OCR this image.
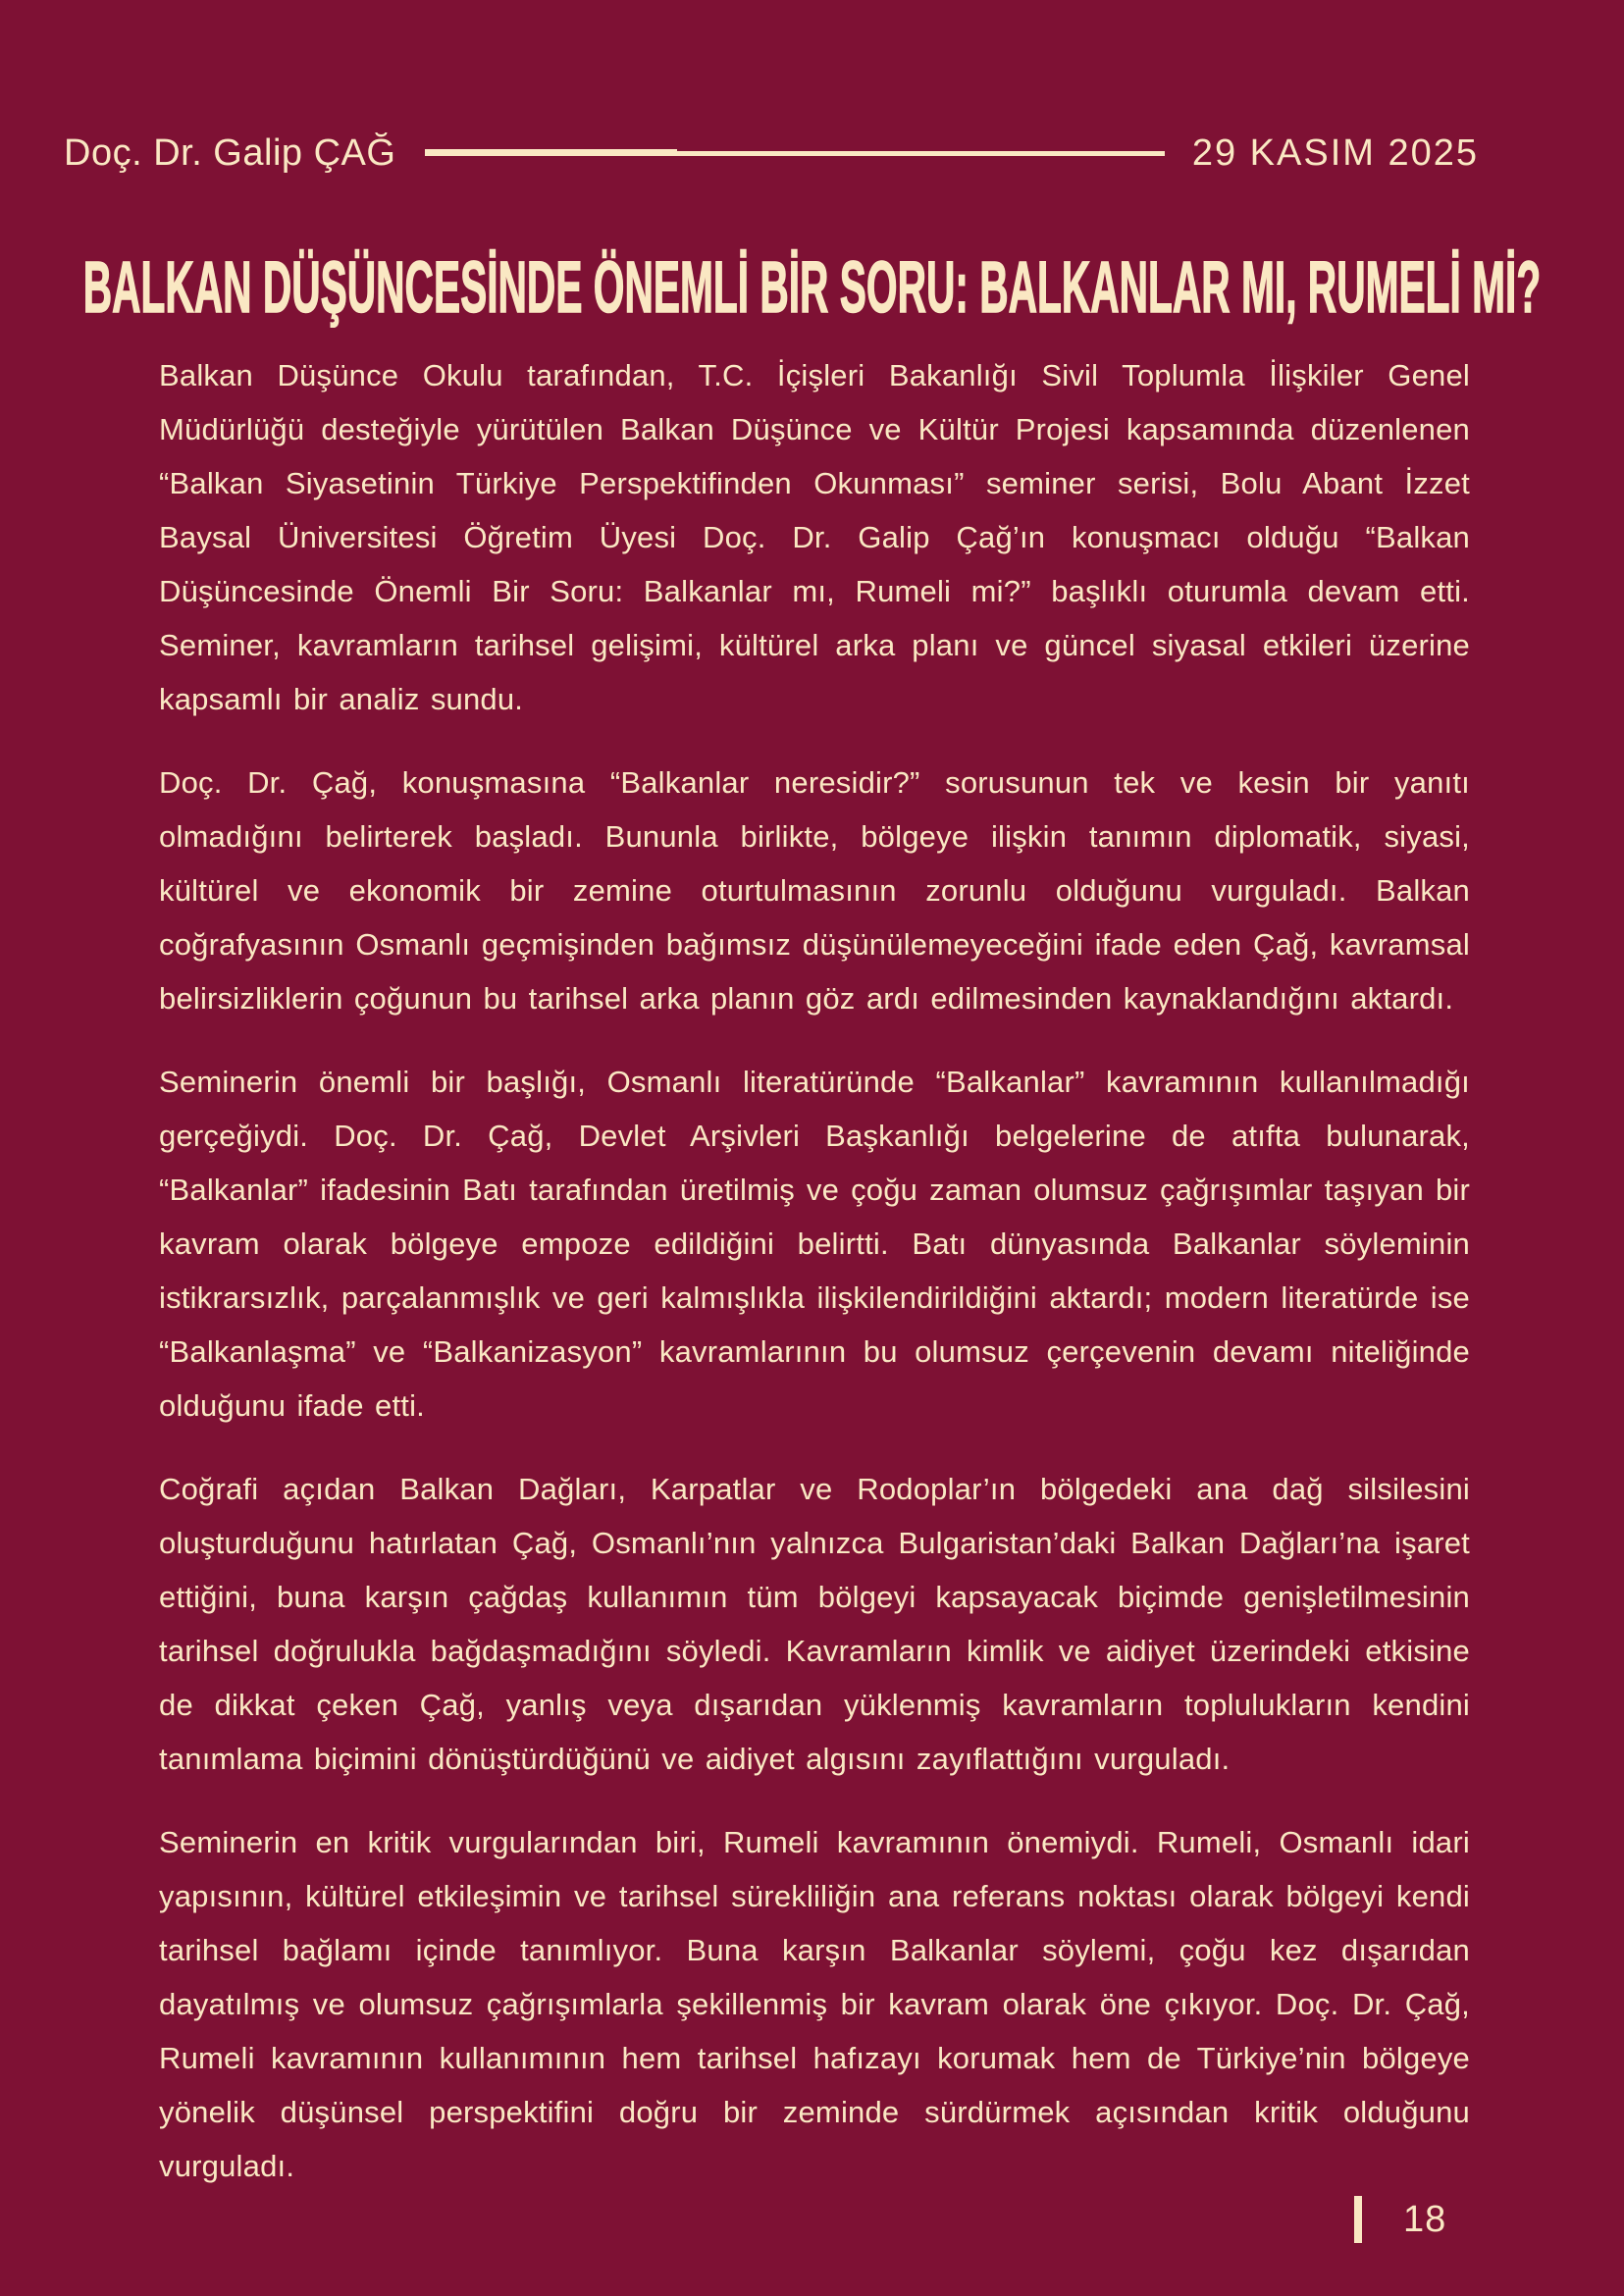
Doç. Dr. Galip ÇAĞ	29 KASIM 2025
BALKAN DÜŞÜNCESİNDE ÖNEMLİ BİR SORU: BALKANLAR MI, RUMELİ Mİ?

Balkan Düşünce Okulu tarafından, T.C. İçişleri Bakanlığı Sivil Toplumla İlişkiler Genel Müdürlüğü desteğiyle yürütülen Balkan Düşünce ve Kültür Projesi kapsamında düzenlenen “Balkan Siyasetinin Türkiye Perspektifinden Okunması” seminer serisi, Bolu Abant İzzet Baysal Üniversitesi Öğretim Üyesi Doç. Dr. Galip Çağ’ın konuşmacı olduğu “Balkan Düşüncesinde Önemli Bir Soru: Balkanlar mı, Rumeli mi?” başlıklı oturumla devam etti. Seminer, kavramların tarihsel gelişimi, kültürel arka planı ve güncel siyasal etkileri üzerine kapsamlı bir analiz sundu.

Doç. Dr. Çağ, konuşmasına “Balkanlar neresidir?” sorusunun tek ve kesin bir yanıtı olmadığını belirterek başladı. Bununla birlikte, bölgeye ilişkin tanımın diplomatik, siyasi, kültürel ve ekonomik bir zemine oturtulmasının zorunlu olduğunu vurguladı. Balkan coğrafyasının Osmanlı geçmişinden bağımsız düşünülemeyeceğini ifade eden Çağ, kavramsal belirsizliklerin çoğunun bu tarihsel arka planın göz ardı edilmesinden kaynaklandığını aktardı.

Seminerin önemli bir başlığı, Osmanlı literatüründe “Balkanlar” kavramının kullanılmadığı gerçeğiydi. Doç. Dr. Çağ, Devlet Arşivleri Başkanlığı belgelerine de atıfta bulunarak, “Balkanlar” ifadesinin Batı tarafından üretilmiş ve çoğu zaman olumsuz çağrışımlar taşıyan bir kavram olarak bölgeye empoze edildiğini belirtti. Batı dünyasında Balkanlar söyleminin istikrarsızlık, parçalanmışlık ve geri kalmışlıkla ilişkilendirildiğini aktardı; modern literatürde ise “Balkanlaşma” ve “Balkanizasyon” kavramlarının bu olumsuz çerçevenin devamı niteliğinde olduğunu ifade etti.

Coğrafi açıdan Balkan Dağları, Karpatlar ve Rodoplar’ın bölgedeki ana dağ silsilesini oluşturduğunu hatırlatan Çağ, Osmanlı’nın yalnızca Bulgaristan’daki Balkan Dağları’na işaret ettiğini, buna karşın çağdaş kullanımın tüm bölgeyi kapsayacak biçimde genişletilmesinin tarihsel doğrulukla bağdaşmadığını söyledi. Kavramların kimlik ve aidiyet üzerindeki etkisine de dikkat çeken Çağ, yanlış veya dışarıdan yüklenmiş kavramların toplulukların kendini tanımlama biçimini dönüştürdüğünü ve aidiyet algısını zayıflattığını vurguladı.

Seminerin en kritik vurgularından biri, Rumeli kavramının önemiydi. Rumeli, Osmanlı idari yapısının, kültürel etkileşimin ve tarihsel sürekliliğin ana referans noktası olarak bölgeyi kendi tarihsel bağlamı içinde tanımlıyor. Buna karşın Balkanlar söylemi, çoğu kez dışarıdan dayatılmış ve olumsuz çağrışımlarla şekillenmiş bir kavram olarak öne çıkıyor. Doç. Dr. Çağ, Rumeli kavramının kullanımının hem tarihsel hafızayı korumak hem de Türkiye’nin bölgeye yönelik düşünsel perspektifini doğru bir zeminde sürdürmek açısından kritik olduğunu vurguladı.

18
